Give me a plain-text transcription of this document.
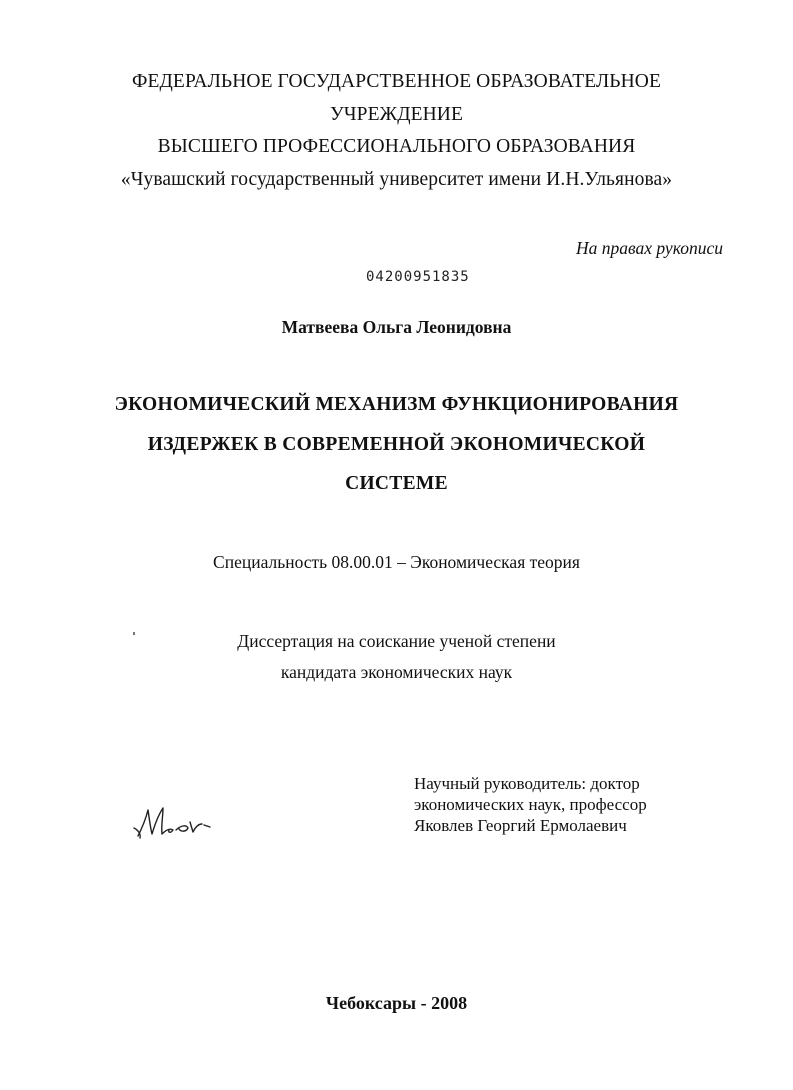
ФЕДЕРАЛЬНОЕ ГОСУДАРСТВЕННОЕ ОБРАЗОВАТЕЛЬНОЕ
УЧРЕЖДЕНИЕ
ВЫСШЕГО ПРОФЕССИОНАЛЬНОГО ОБРАЗОВАНИЯ
«Чувашский государственный университет имени И.Н.Ульянова»
На правах рукописи
04200951835
Матвеева Ольга Леонидовна
ЭКОНОМИЧЕСКИЙ МЕХАНИЗМ ФУНКЦИОНИРОВАНИЯ
ИЗДЕРЖЕК В СОВРЕМЕННОЙ ЭКОНОМИЧЕСКОЙ
СИСТЕМЕ
Специальность 08.00.01 – Экономическая теория
Диссертация на соискание ученой степени
кандидата экономических наук
Научный руководитель: доктор
экономических наук, профессор
Яковлев Георгий Ермолаевич
Чебоксары - 2008
